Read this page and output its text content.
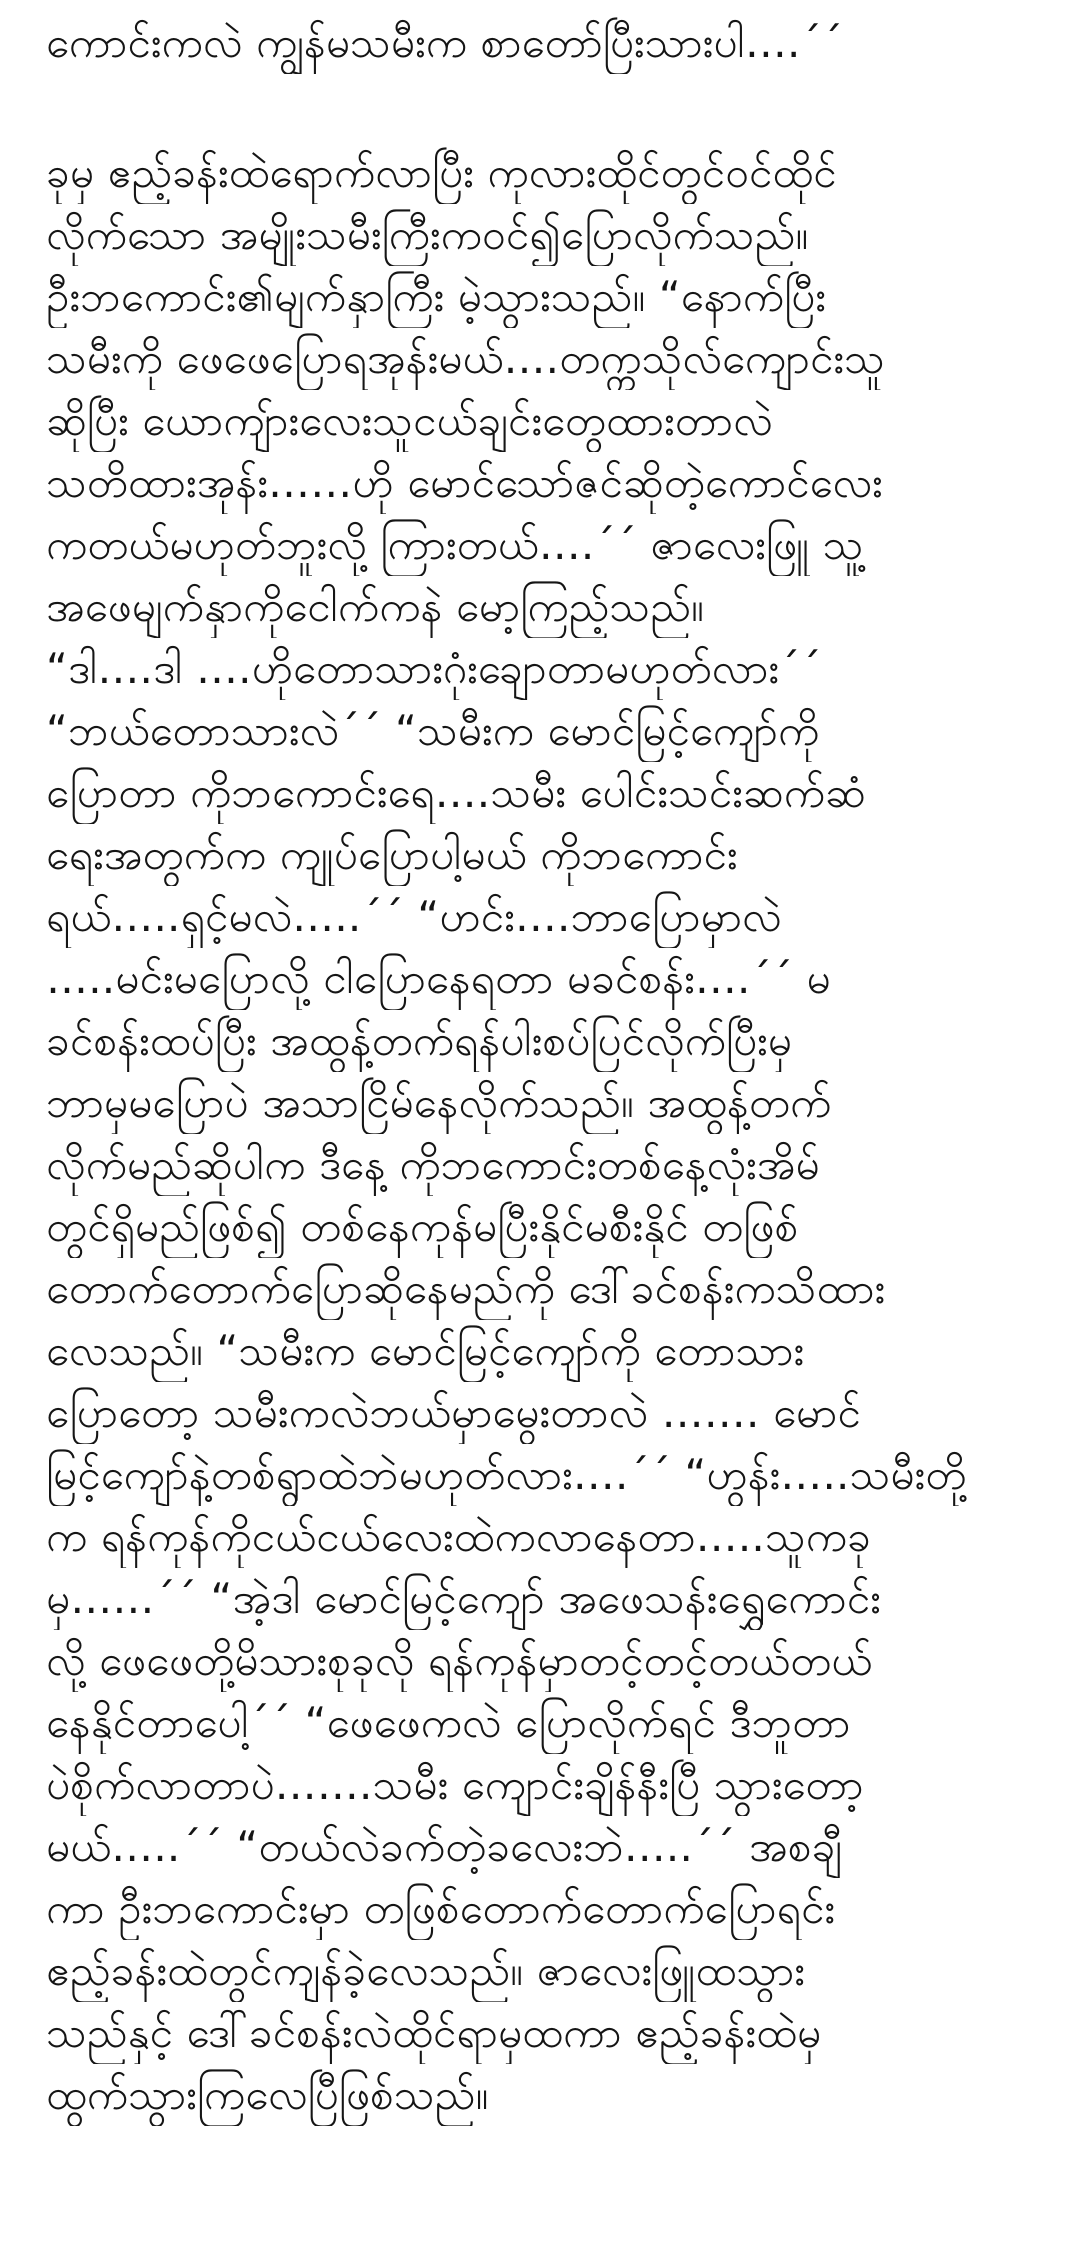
ကောင်းကလဲ ကျွန်မသမီးက စာတော်ပြီးသားပါ….´´
ခုမှ ဧည့်ခန်းထဲရောက်လာပြီး ကုလားထိုင်တွင်ဝင်ထိုင်
လိုက်သော အမျိုးသမီးကြီးကဝင်၍ပြောလိုက်သည်။
ဦးဘကောင်း၏မျက်နှာကြီး မဲ့သွားသည်။ “နောက်ပြီး
သမီးကို ဖေဖေပြောရအုန်းမယ်….တက္ကသိုလ်ကျောင်းသူ
ဆိုပြီး ယောကျ်ားလေးသူငယ်ချင်းတွေထားတာလဲ
သတိထားအုန်း……ဟို မောင်သော်ဇင်ဆိုတဲ့ကောင်လေး
ကတယ်မဟုတ်ဘူးလို့ ကြားတယ်….´´ ဇာလေးဖြူ သူ့
အဖေမျက်နှာကိုငေါက်ကနဲ မော့ကြည့်သည်။
“ဒါ….ဒါ ….ဟိုတောသားဂုံးချောတာမဟုတ်လား´´
“ဘယ်တောသားလဲ´´ “သမီးက မောင်မြင့်ကျော်ကို
ပြောတာ ကိုဘကောင်းရေ….သမီး ပေါင်းသင်းဆက်ဆံ
ရေးအတွက်က ကျုပ်ပြောပါ့မယ် ကိုဘကောင်း
ရယ်…..ရှင့်မလဲ…..´´ “ဟင်း….ဘာပြောမှာလဲ
…..မင်းမပြောလို့ ငါပြောနေရတာ မခင်စန်း….´´ မ
ခင်စန်းထပ်ပြီး အထွန့်တက်ရန်ပါးစပ်ပြင်လိုက်ပြီးမှ
ဘာမှမပြောပဲ အသာငြိမ်နေလိုက်သည်။ အထွန့်တက်
လိုက်မည်ဆိုပါက ဒီနေ့ ကိုဘကောင်းတစ်နေ့လုံးအိမ်
တွင်ရှိမည်ဖြစ်၍ တစ်နေကုန်မပြီးနိုင်မစီးနိုင် တဖြစ်
တောက်တောက်ပြောဆိုနေမည်ကို ဒေါ်ခင်စန်းကသိထား
လေသည်။ “သမီးက မောင်မြင့်ကျော်ကို တောသား
ပြောတော့ သမီးကလဲဘယ်မှာမွေးတာလဲ ……. မောင်
မြင့်ကျော်နဲ့တစ်ရွာထဲဘဲမဟုတ်လား….´´ “ဟွန်း…..သမီးတို့
က ရန်ကုန်ကိုငယ်ငယ်လေးထဲကလာနေတာ…..သူကခု
မှ……´´ “အဲ့ဒါ မောင်မြင့်ကျော် အဖေသန်းရွှေကောင်း
လို့ ဖေဖေတို့မိသားစုခုလို ရန်ကုန်မှာတင့်တင့်တယ်တယ်
နေနိုင်တာပေါ့´´ “ဖေဖေကလဲ ပြောလိုက်ရင် ဒီဘူတာ
ပဲစိုက်လာတာပဲ…….သမီး ကျောင်းချိန်နီးပြီ သွားတော့
မယ်…..´´ “တယ်လဲခက်တဲ့ခလေးဘဲ…..´´ အစချီ
ကာ ဦးဘကောင်းမှာ တဖြစ်တောက်တောက်ပြောရင်း
ဧည့်ခန်းထဲတွင်ကျန်ခဲ့လေသည်။ ဇာလေးဖြူထသွား
သည်နှင့် ဒေါ်ခင်စန်းလဲထိုင်ရာမှထကာ ဧည့်ခန်းထဲမှ
ထွက်သွားကြလေပြီဖြစ်သည်။
